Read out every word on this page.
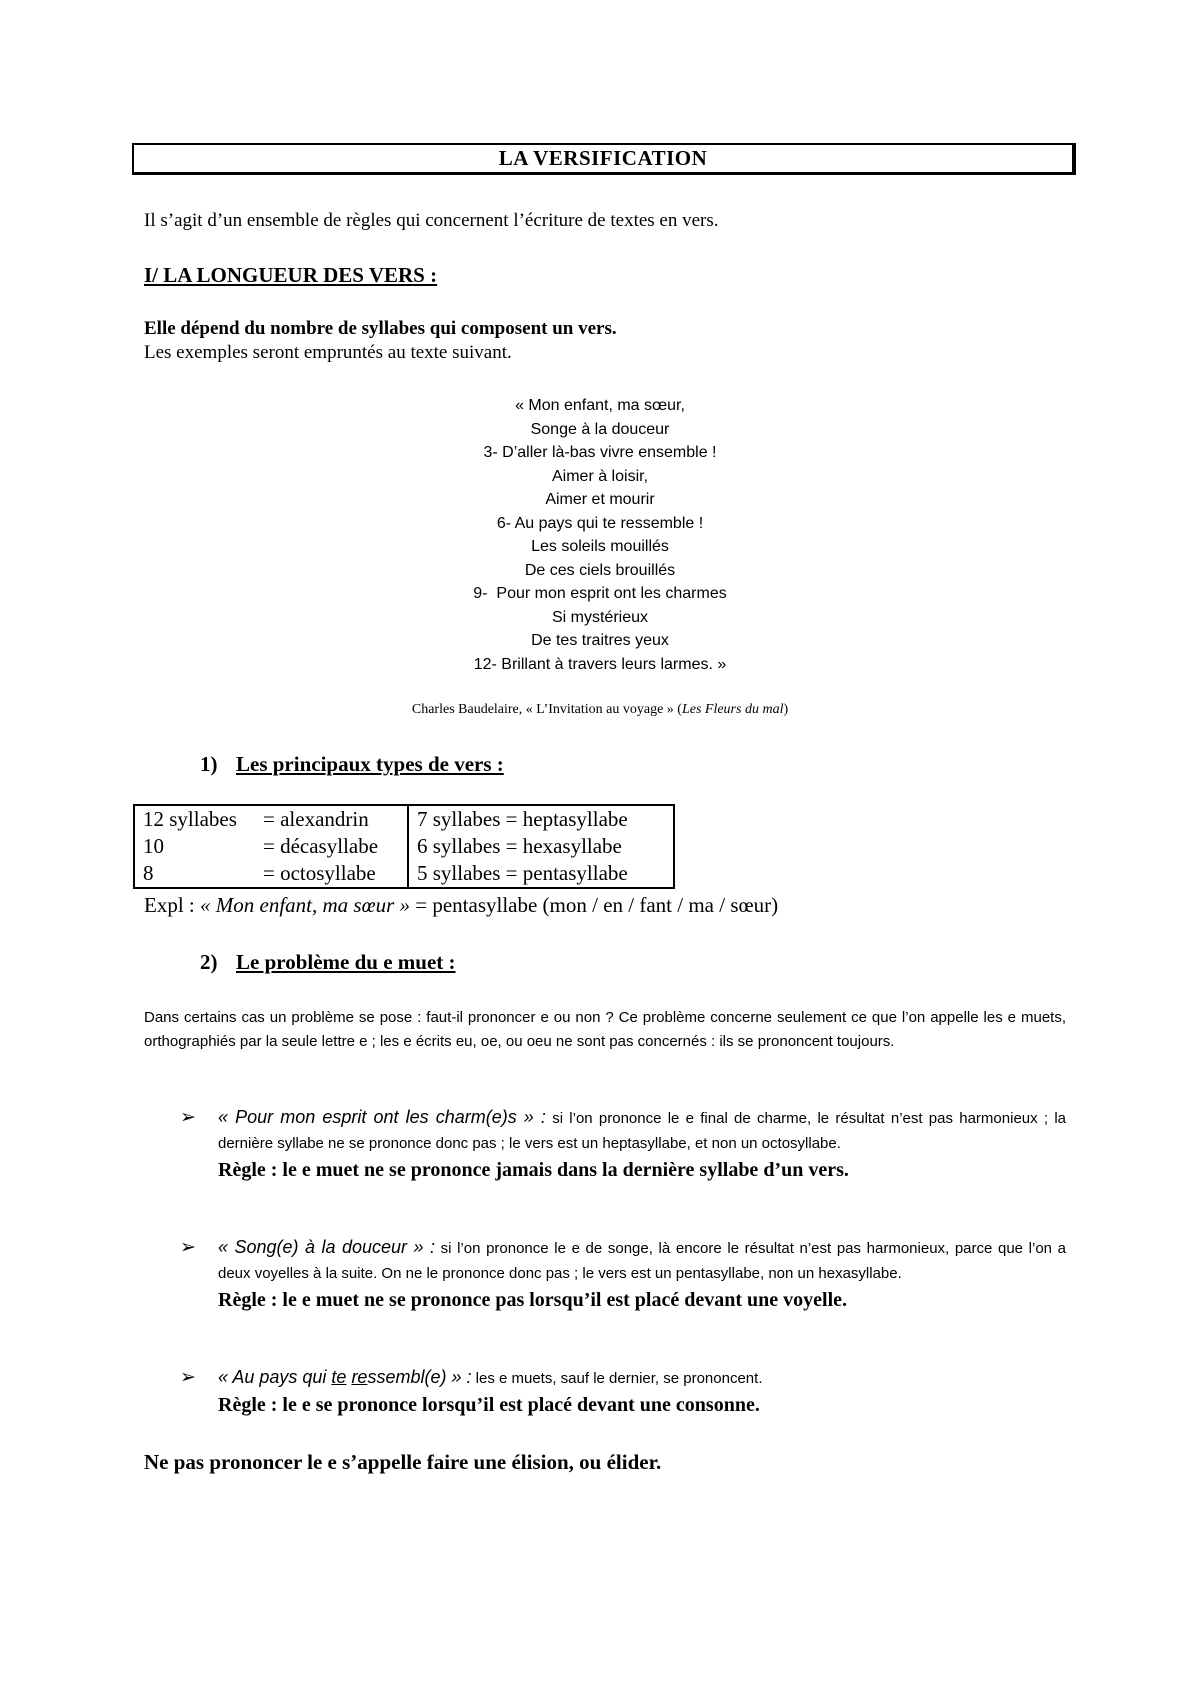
LA VERSIFICATION
Il s’agit d’un ensemble de règles qui concernent l’écriture de textes en vers.
I/ LA LONGUEUR DES VERS :
Elle dépend du nombre de syllabes qui composent un vers.
Les exemples seront empruntés au texte suivant.
« Mon enfant, ma sœur,
Songe à la douceur
3- D’aller là-bas vivre ensemble !
Aimer à loisir,
Aimer et mourir
6- Au pays qui te ressemble !
Les soleils mouillés
De ces ciels brouillés
9-  Pour mon esprit ont les charmes
Si mystérieux
De tes traitres yeux
12- Brillant à travers leurs larmes. »
Charles Baudelaire, « L’Invitation au voyage » (Les Fleurs du mal)
1) Les principaux types de vers :
12 syllabes = alexandrin	7 syllabes = heptasyllabe
10 = décasyllabe	6 syllabes = hexasyllabe
8 = octosyllabe	5 syllabes = pentasyllabe
Expl : « Mon enfant, ma sœur » = pentasyllabe (mon / en / fant / ma / sœur)
2) Le problème du e muet :
Dans certains cas un problème se pose : faut-il prononcer e ou non ? Ce problème concerne seulement ce que l’on appelle les e muets, orthographiés par la seule lettre e ; les e écrits eu, oe, ou oeu ne sont pas concernés : ils se prononcent toujours.
➢ « Pour mon esprit ont les charm(e)s » : si l’on prononce le e final de charme, le résultat n’est pas harmonieux ; la dernière syllabe ne se prononce donc pas ; le vers est un heptasyllabe, et non un octosyllabe.
Règle : le e muet ne se prononce jamais dans la dernière syllabe d’un vers.
➢ « Song(e) à la douceur » : si l’on prononce le e de songe, là encore le résultat n’est pas harmonieux, parce que l’on a deux voyelles à la suite. On ne le prononce donc pas ; le vers est un pentasyllabe, non un hexasyllabe.
Règle : le e muet ne se prononce pas lorsqu’il est placé devant une voyelle.
➢ « Au pays qui te ressembl(e) » : les e muets, sauf le dernier, se prononcent.
Règle : le e se prononce lorsqu’il est placé devant une consonne.
Ne pas prononcer le e s’appelle faire une élision, ou élider.
